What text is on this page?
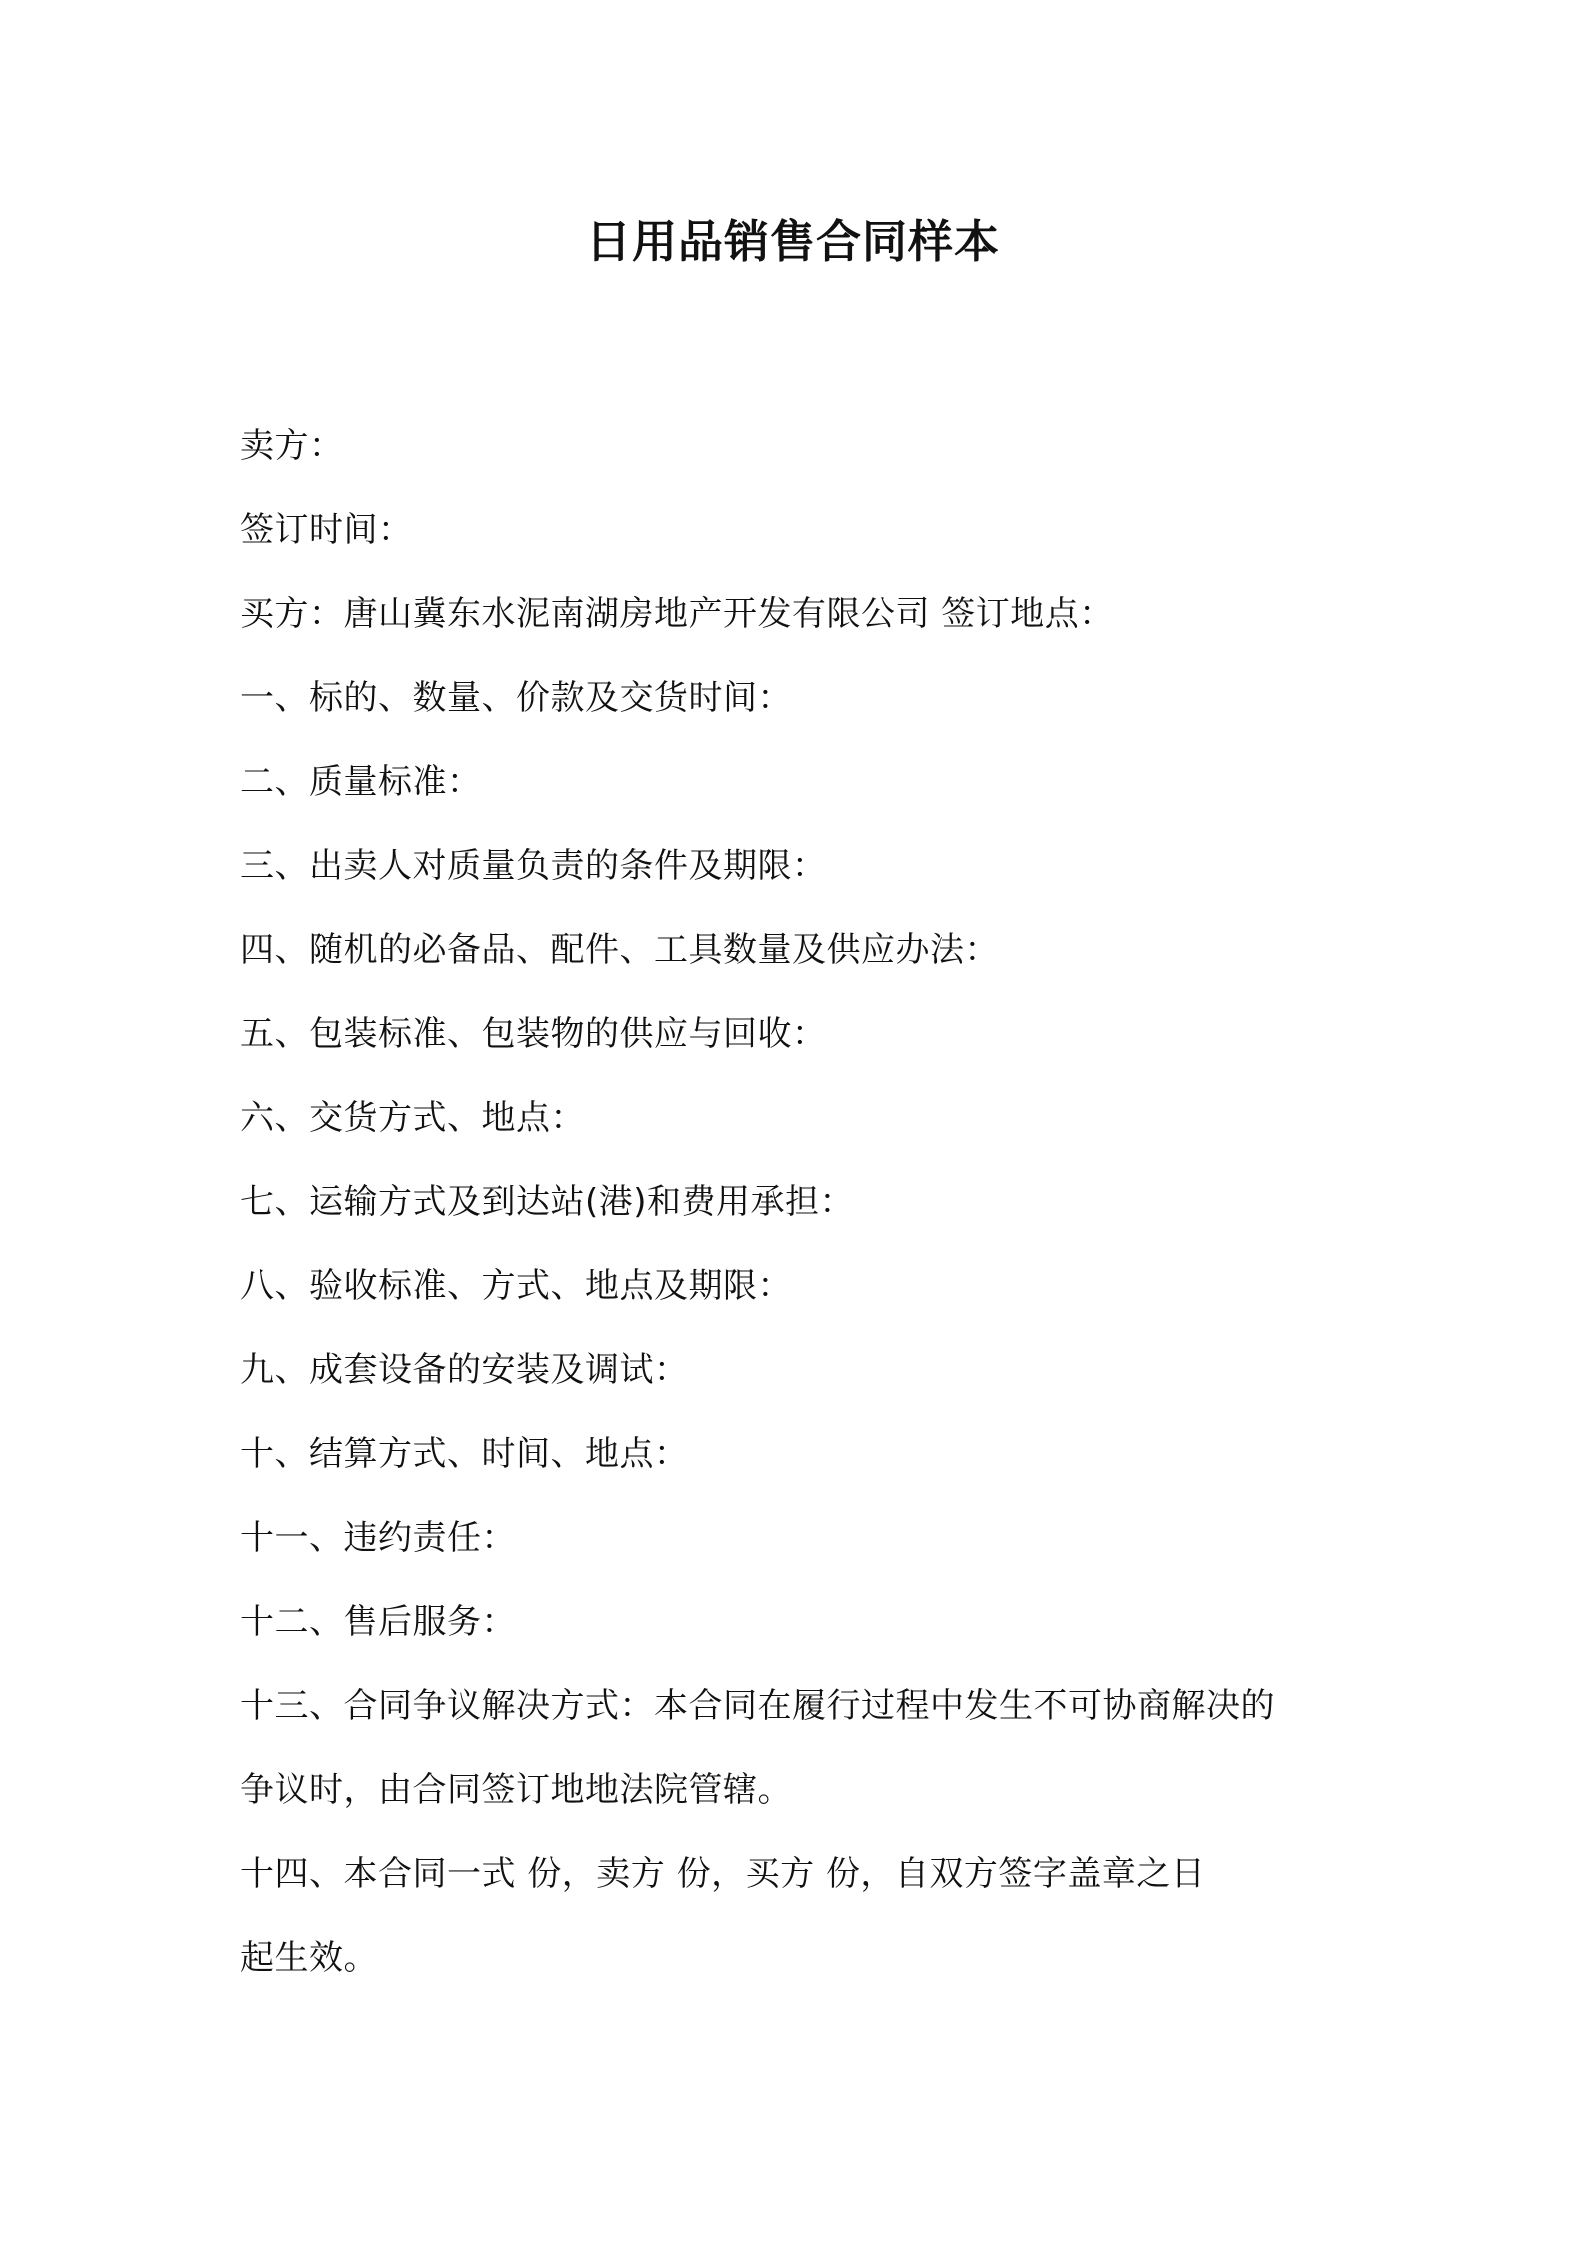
日用品销售合同样本

卖方：

签订时间：

买方：唐山冀东水泥南湖房地产开发有限公司 签订地点：

一、标的、数量、价款及交货时间：

二、质量标准：

三、出卖人对质量负责的条件及期限：

四、随机的必备品、配件、工具数量及供应办法：

五、包装标准、包装物的供应与回收：

六、交货方式、地点：

七、运输方式及到达站(港)和费用承担：

八、验收标准、方式、地点及期限：

九、成套设备的安装及调试：

十、结算方式、时间、地点：

十一、违约责任：

十二、售后服务：

十三、合同争议解决方式：本合同在履行过程中发生不可协商解决的

争议时，由合同签订地地法院管辖。

十四、本合同一式 份，卖方 份，买方 份，自双方签字盖章之日

起生效。
